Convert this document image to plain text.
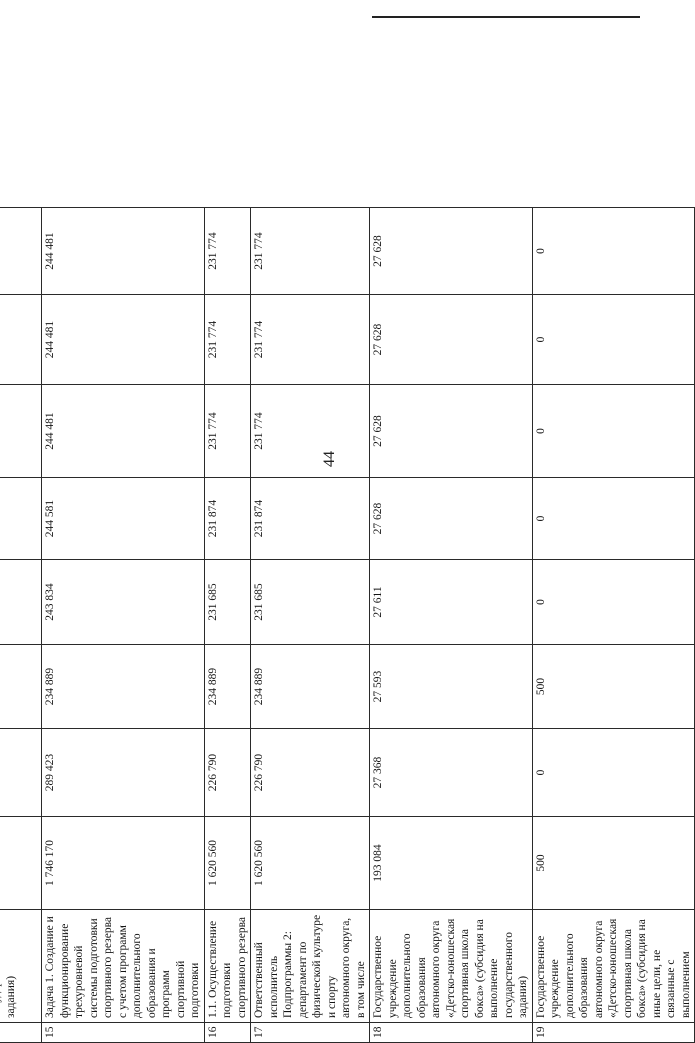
44

	задания)								
15	Задача 1. Создание и функционирование трехуровневой системы подготовки спортивного резерва с учетом программ дополнительного образования и программ спортивной подготовки	1 746 170	289 423	234 889	243 834	244 581	244 481	244 481	244 481
16	1.1. Осуществление подготовки спортивного резерва	1 620 560	226 790	234 889	231 685	231 874	231 774	231 774	231 774
17	Ответственный исполнитель Подпрограммы 2: департамент по физической культуре и спорту автономного округа, в том числе	1 620 560	226 790	234 889	231 685	231 874	231 774	231 774	231 774
18	Государственное учреждение дополнительного образования автономного округа «Детско-юношеская спортивная школа бокса» (субсидия на выполнение государственного задания)	193 084	27 368	27 593	27 611	27 628	27 628	27 628	27 628
19	Государственное учреждение дополнительного образования автономного округа «Детско-юношеская спортивная школа бокса» (субсидия на иные цели, не связанные с выполнением	500	0	500	0	0	0	0	0
